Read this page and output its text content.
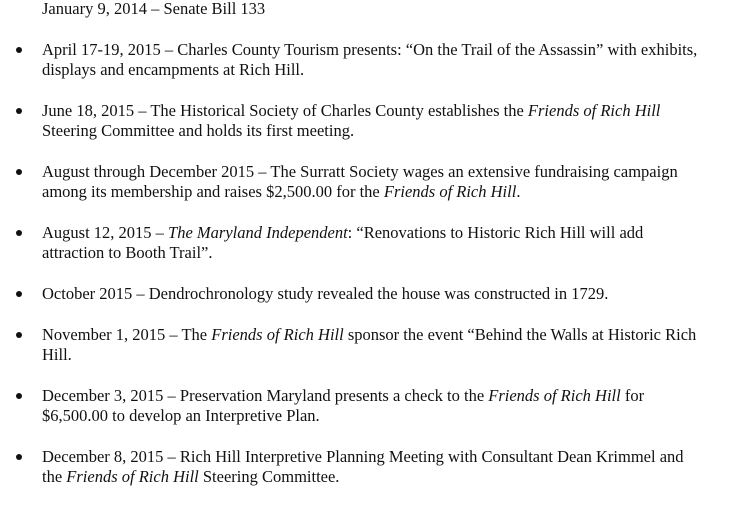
January 9, 2014 – Senate Bill 133
April 17-19, 2015 – Charles County Tourism presents: “On the Trail of the Assassin” with exhibits, displays and encampments at Rich Hill.
June 18, 2015 – The Historical Society of Charles County establishes the Friends of Rich Hill Steering Committee and holds its first meeting.
August through December 2015 – The Surratt Society wages an extensive fundraising campaign among its membership and raises $2,500.00 for the Friends of Rich Hill.
August 12, 2015 – The Maryland Independent: “Renovations to Historic Rich Hill will add attraction to Booth Trail”.
October 2015 – Dendrochronology study revealed the house was constructed in 1729.
November 1, 2015 – The Friends of Rich Hill sponsor the event “Behind the Walls at Historic Rich Hill.
December 3, 2015 – Preservation Maryland presents a check to the Friends of Rich Hill for $6,500.00 to develop an Interpretive Plan.
December 8, 2015 – Rich Hill Interpretive Planning Meeting with Consultant Dean Krimmel and the Friends of Rich Hill Steering Committee.
